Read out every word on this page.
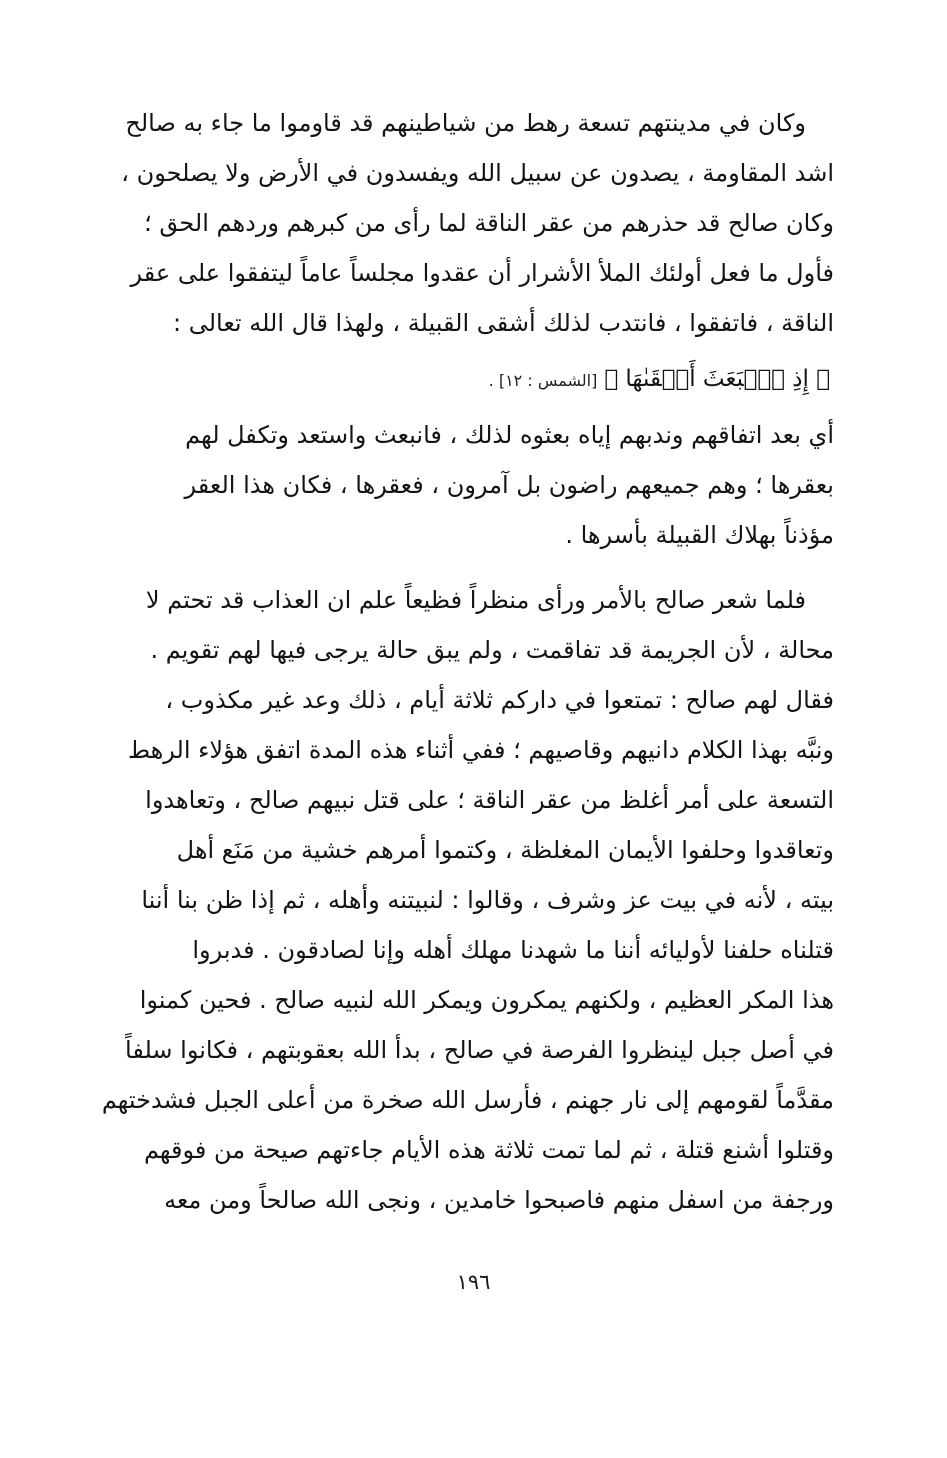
وكان في مدينتهم تسعة رهط من شياطينهم قد قاوموا ما جاء به صالح
اشد المقاومة ، يصدون عن سبيل الله ويفسدون في الأرض ولا يصلحون ،
وكان صالح قد حذرهم من عقر الناقة لما رأى من كبرهم وردهم الحق ؛
فأول ما فعل أولئك الملأ الأشرار أن عقدوا مجلساً عاماً ليتفقوا على عقر
الناقة ، فاتفقوا ، فانتدب لذلك أشقى القبيلة ، ولهذا قال الله تعالى :

﴿ إِذِ ٱنۢبَعَثَ أَشۡقَىٰهَا ﴾ [الشمس : ١٢] .

أي بعد اتفاقهم وندبهم إياه بعثوه لذلك ، فانبعث واستعد وتكفل لهم
بعقرها ؛ وهم جميعهم راضون بل آمرون ، فعقرها ، فكان هذا العقر
مؤذناً بهلاك القبيلة بأسرها .

فلما شعر صالح بالأمر ورأى منظراً فظيعاً علم ان العذاب قد تحتم لا
محالة ، لأن الجريمة قد تفاقمت ، ولم يبق حالة يرجى فيها لهم تقويم .
فقال لهم صالح : تمتعوا في داركم ثلاثة أيام ، ذلك وعد غير مكذوب ،
ونبَّه بهذا الكلام دانيهم وقاصيهم ؛ ففي أثناء هذه المدة اتفق هؤلاء الرهط
التسعة على أمر أغلظ من عقر الناقة ؛ على قتل نبيهم صالح ، وتعاهدوا
وتعاقدوا وحلفوا الأيمان المغلظة ، وكتموا أمرهم خشية من مَنَع أهل
بيته ، لأنه في بيت عز وشرف ، وقالوا : لنبيتنه وأهله ، ثم إذا ظن بنا أننا
قتلناه حلفنا لأوليائه أننا ما شهدنا مهلك أهله وإنا لصادقون . فدبروا
هذا المكر العظيم ، ولكنهم يمكرون ويمكر الله لنبيه صالح . فحين كمنوا
في أصل جبل لينظروا الفرصة في صالح ، بدأ الله بعقوبتهم ، فكانوا سلفاً
مقدَّماً لقومهم إلى نار جهنم ، فأرسل الله صخرة من أعلى الجبل فشدختهم
وقتلوا أشنع قتلة ، ثم لما تمت ثلاثة هذه الأيام جاءتهم صيحة من فوقهم
ورجفة من اسفل منهم فاصبحوا خامدين ، ونجى الله صالحاً ومن معه

١٩٦
